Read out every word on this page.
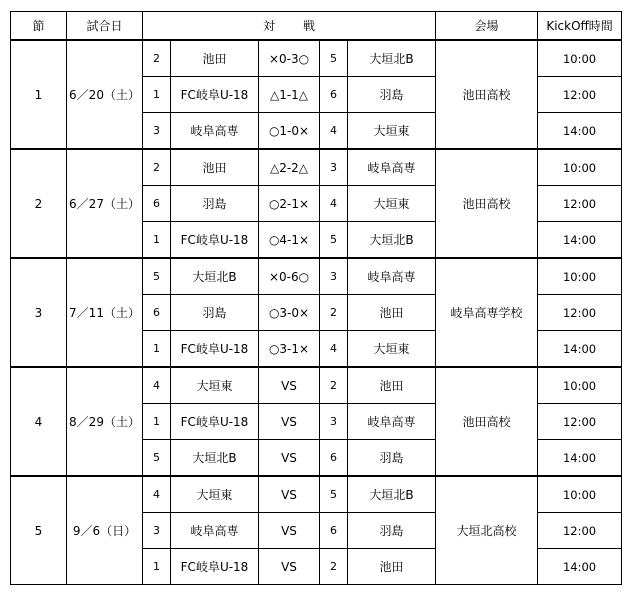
節	試合日	対 戦					会場	KickOff時間
1	6／20（土）	2	池田	×0-3○	5	大垣北B	池田高校	10:00
		1	FC岐阜U-18	△1-1△	6	羽島		12:00
		3	岐阜高専	○1-0×	4	大垣東		14:00
2	6／27（土）	2	池田	△2-2△	3	岐阜高専	池田高校	10:00
		6	羽島	○2-1×	4	大垣東		12:00
		1	FC岐阜U-18	○4-1×	5	大垣北B		14:00
3	7／11（土）	5	大垣北B	×0-6○	3	岐阜高専	岐阜高専学校	10:00
		6	羽島	○3-0×	2	池田		12:00
		1	FC岐阜U-18	○3-1×	4	大垣東		14:00
4	8／29（土）	4	大垣東	VS	2	池田	池田高校	10:00
		1	FC岐阜U-18	VS	3	岐阜高専		12:00
		5	大垣北B	VS	6	羽島		14:00
5	9／6（日）	4	大垣東	VS	5	大垣北B	大垣北高校	10:00
		3	岐阜高専	VS	6	羽島		12:00
		1	FC岐阜U-18	VS	2	池田		14:00
